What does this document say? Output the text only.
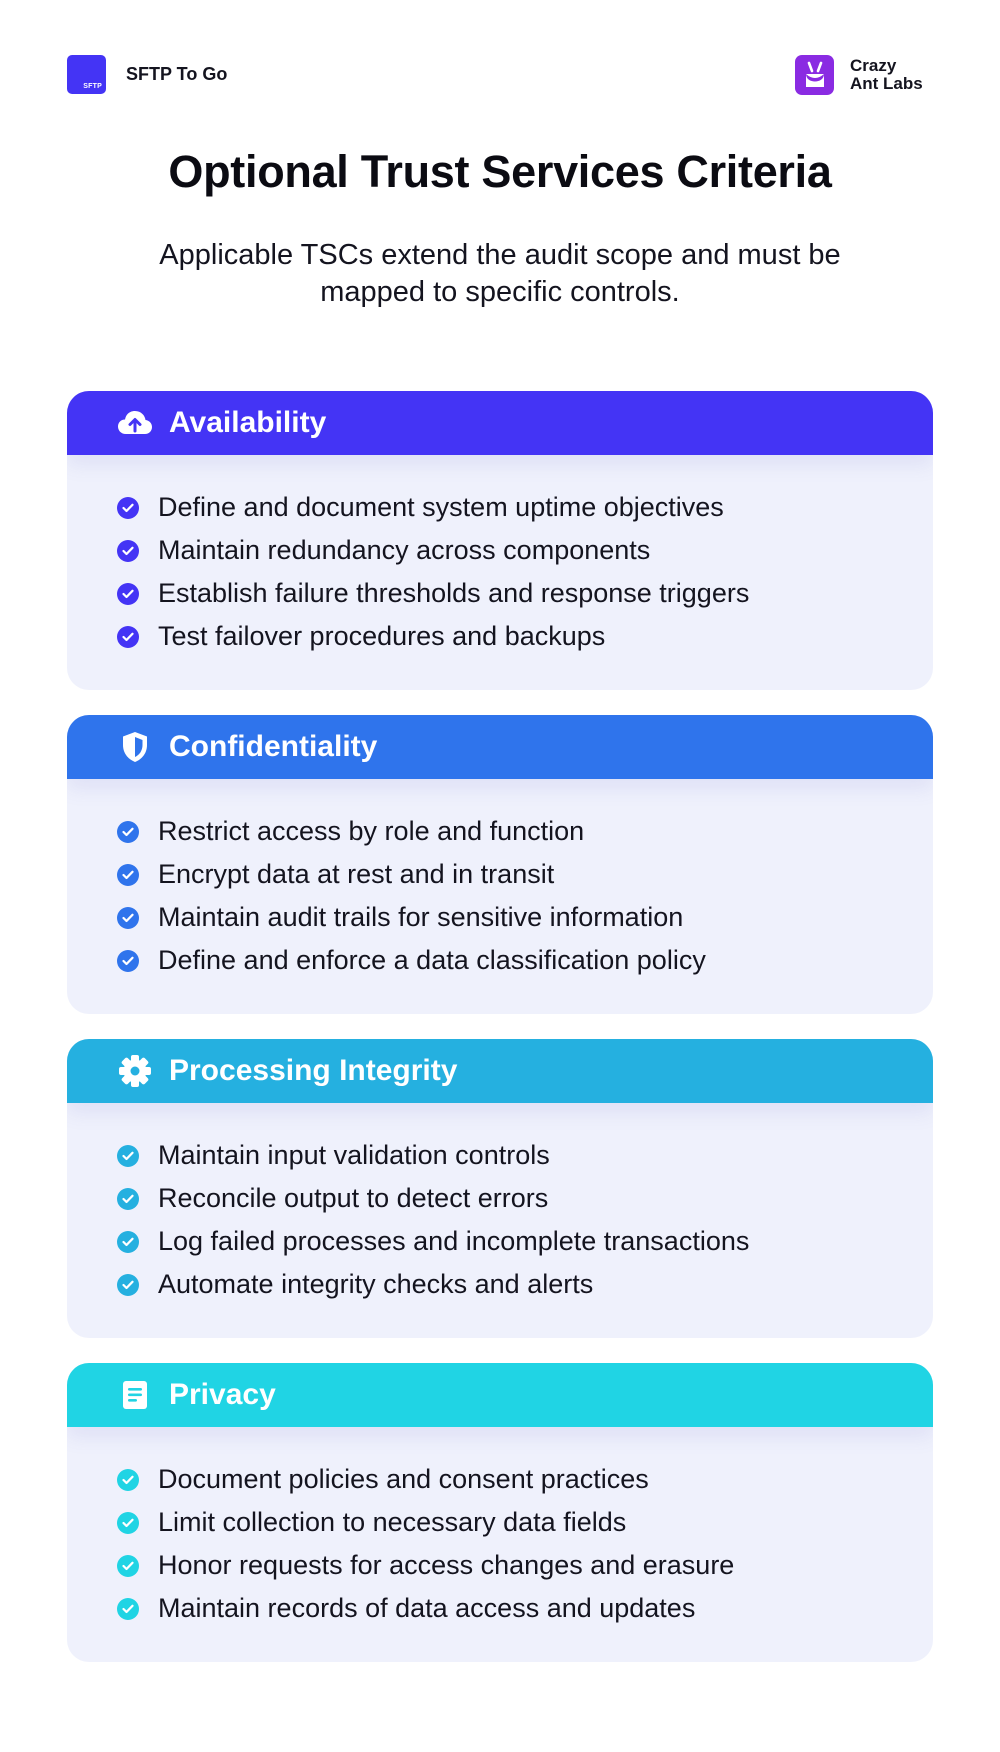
SFTP
SFTP To Go	Crazy
Ant Labs
Optional Trust Services Criteria

Applicable TSCs extend the audit scope and must be mapped to specific controls.

Availability
Define and document system uptime objectives
Maintain redundancy across components
Establish failure thresholds and response triggers
Test failover procedures and backups
Confidentiality
Restrict access by role and function
Encrypt data at rest and in transit
Maintain audit trails for sensitive information
Define and enforce a data classification policy
Processing Integrity
Maintain input validation controls
Reconcile output to detect errors
Log failed processes and incomplete transactions
Automate integrity checks and alerts
Privacy
Document policies and consent practices
Limit collection to necessary data fields
Honor requests for access changes and erasure
Maintain records of data access and updates
